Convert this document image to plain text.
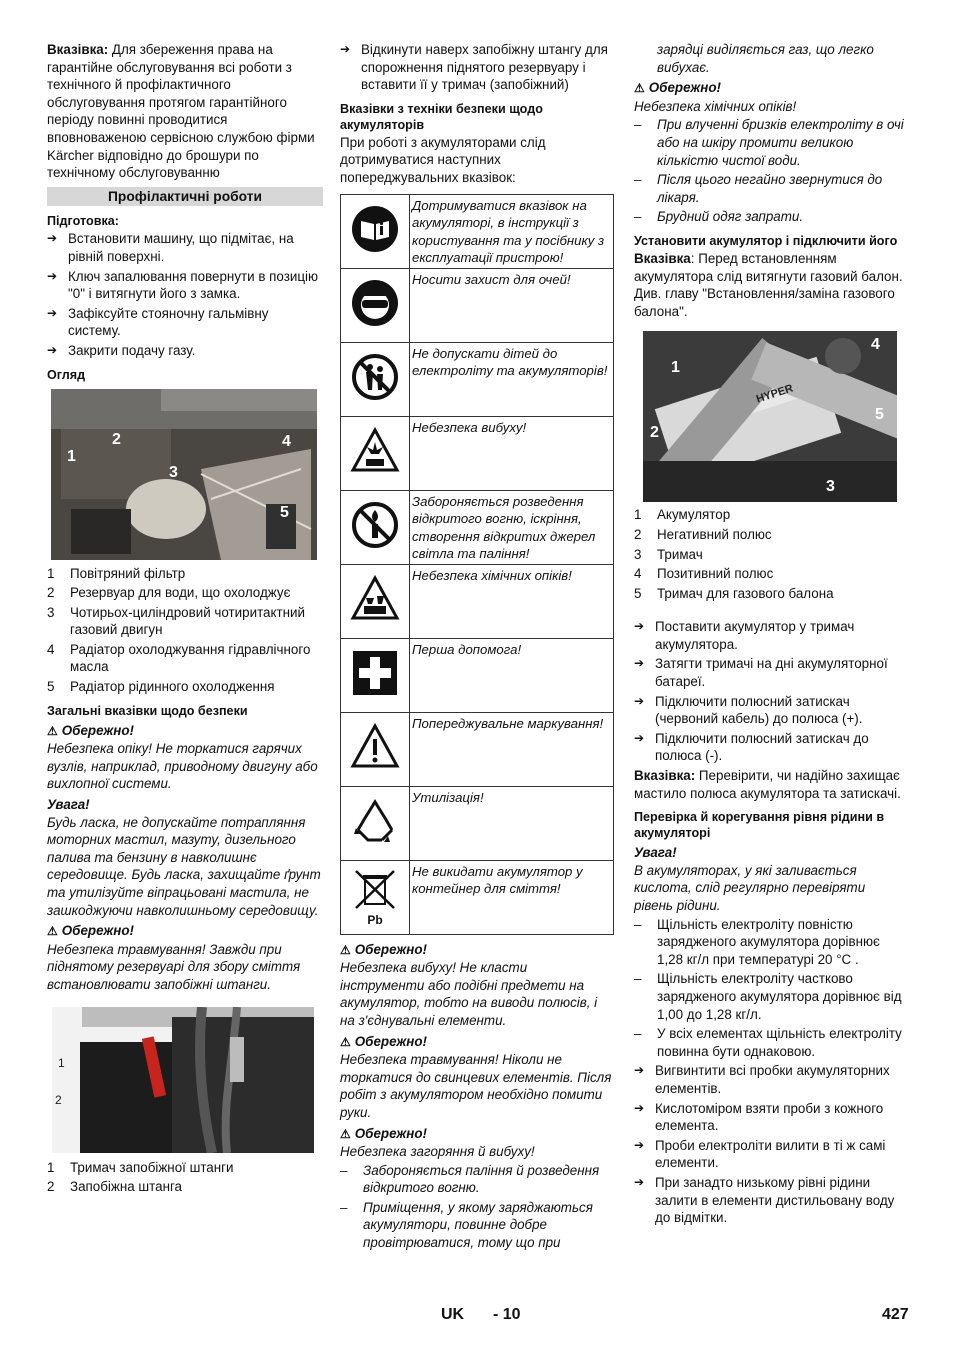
Вказівка: Для збереження права на гарантійне обслуговування всі роботи з технічного й профілактичного обслуговування протягом гарантійного періоду повинні проводитися вповноваженою сервісною службою фірми Kärcher відповідно до брошури по технічному обслуговуванню

Профілактичні роботи
Підготовка:
➔ Встановити машину, що підмітає, на рівній поверхні.
➔ Ключ запалювання повернути в позицію "0" і витягнути його з замка.
➔ Зафіксуйте стояночну гальмівну систему.
➔ Закрити подачу газу.
Огляд
1
2
3
4
5
1	Повітряний фільтр
2	Резервуар для води, що охолоджує
3	Чотирьох-циліндровий чотиритактний газовий двигун
4	Радіатор охолоджування гідравлічного масла
5	Радіатор рідинного охолодження
Загальні вказівки щодо безпеки
⚠ Обережно!

Небезпека опіку! Не торкатися гарячих вузлів, наприклад, приводному двигуну або вихлопної системи.

Увага!

Будь ласка, не допускайте потрапляння моторних мастил, мазуту, дизельного палива та бензину в навколишнє середовище. Будь ласка, захищайте ґрунт та утилізуйте віпрацьовані мастила, не зашкоджуючи навколишньому середовищу.

⚠ Обережно!

Небезпека травмування! Завжди при піднятому резервуарі для збору сміття встановлювати запобіжні штанги.

1
2
1	Тримач запобіжної штанги
2	Запобіжна штанга
➔ Відкинути наверх запобіжну штангу для спорожнення піднятого резервуару і вставити її у тримач (запобіжний)
Вказівки з техніки безпеки щодо акумуляторів

При роботі з акумуляторами слід дотримуватися наступних попереджувальних вказівок:

	Дотримуватися вказівок на акумуляторі, в інструкції з користування та у посібнику з експлуатації пристрою!
	Носити захист для очей!
	Не допускати дітей до електроліту та акумуляторів!
	Небезпека вибуху!
	Забороняється розведення відкритого вогню, іскріння, створення відкритих джерел світла та паління!
	Небезпека хімічних опіків!
	Перша допомога!
	Попереджувальне маркування!
	Утилізація!

Pb	Не викидати акумулятор у контейнер для сміття!
⚠ Обережно!

Небезпека вибуху! Не класти інструменти або подібні предмети на акумулятор, тобто на виводи полюсів, і на з'єднувальні елементи.

⚠ Обережно!

Небезпека травмування! Ніколи не торкатися до свинцевих елементів. Після робіт з акумулятором необхідно помити руки.

⚠ Обережно!

Небезпека загоряння й вибуху!

–	Забороняється паління й розведення відкритого вогню.
–	Приміщення, у якому заряджаються акумулятори, повинне добре провітрюватися, тому що при

зарядці виділяється газ, що легко вибухає.

⚠ Обережно!

Небезпека хімічних опіків!

–	При влученні бризків електроліту в очі або на шкіру промити великою кількістю чистої води.
–	Після цього негайно звернутися до лікаря.
–	Брудний одяг запрати.
Установити акумулятор і підключити його

Вказівка: Перед встановленням акумулятора слід витягнути газовий балон. Див. главу "Встановлення/заміна газового балона".

1
2
3
4
5
HYPER
1	Акумулятор
2	Негативний полюс
3	Тримач
4	Позитивний полюс
5	Тримач для газового балона
➔ Поставити акумулятор у тримач акумулятора.
➔ Затягти тримачі на дні акумуляторної батареї.
➔ Підключити полюсний затискач (червоний кабель) до полюса (+).
➔ Підключити полюсний затискач до полюса (-).

Вказівка: Перевірити, чи надійно захищає мастило полюса акумулятора та затискачі.

Перевірка й корегування рівня рідини в акумуляторі
Увага!

В акумуляторах, у які заливається кислота, слід регулярно перевіряти рівень рідини.

–	Щільність електроліту повністю зарядженого акумулятора дорівнює 1,28 кг/л при температурі 20 °C .
–	Щільність електроліту частково зарядженого акумулятора дорівнює від 1,00 до 1,28 кг/л.
–	У всіх елементах щільність електроліту повинна бути однаковою.
➔ Вигвинтити всі пробки акумуляторних елементів.
➔ Кислотоміром взяти проби з кожного елемента.
➔ Проби електроліти вилити в ті ж самі елементи.
➔ При занадто низькому рівні рідини залити в елементи дистильовану воду до відмітки.
UK - 10	427
